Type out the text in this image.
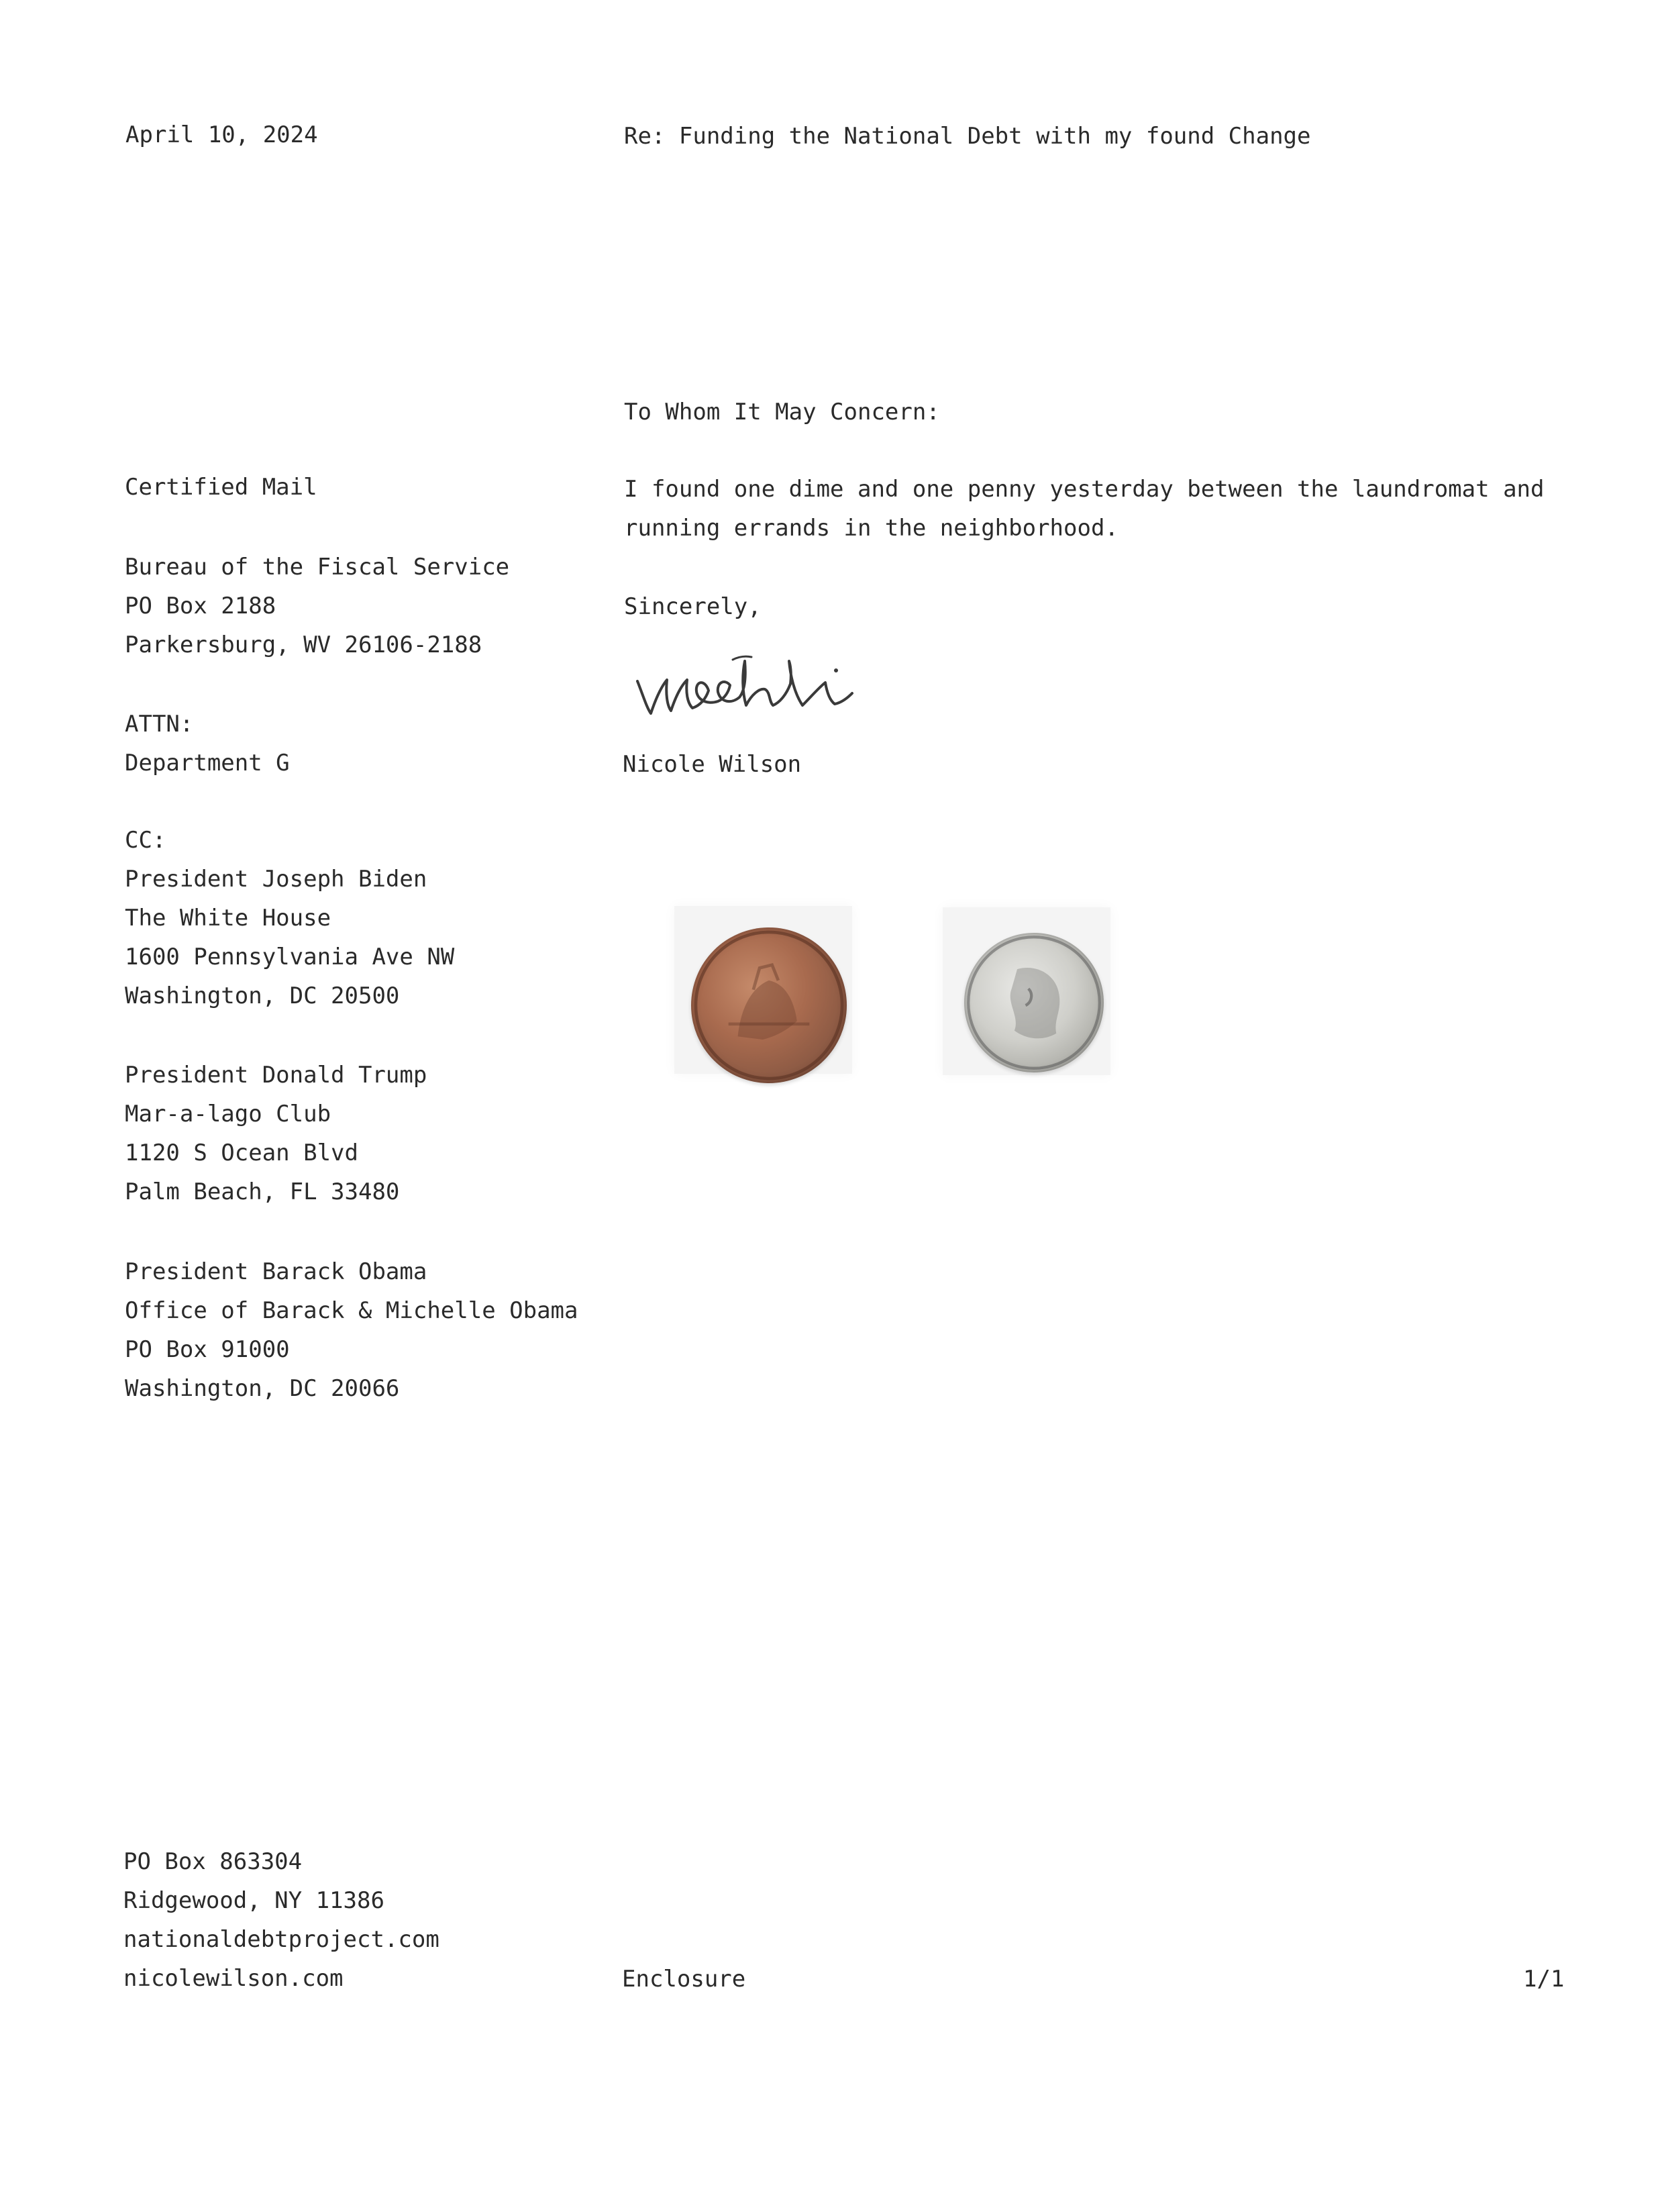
April 10, 2024	Re: Funding the National Debt with my found Change
To Whom It May Concern:
I found one dime and one penny yesterday between the laundromat and
running errands in the neighborhood.
Sincerely,
Nicole Wilson
Certified Mail
Bureau of the Fiscal Service
PO Box 2188
Parkersburg, WV 26106-2188
ATTN:
Department G
CC:
President Joseph Biden
The White House
1600 Pennsylvania Ave NW
Washington, DC 20500
President Donald Trump
Mar-a-lago Club
1120 S Ocean Blvd
Palm Beach, FL 33480
President Barack Obama
Office of Barack & Michelle Obama
PO Box 91000
Washington, DC 20066
PO Box 863304
Ridgewood, NY 11386
nationaldebtproject.com
nicolewilson.com	Enclosure	1/1
